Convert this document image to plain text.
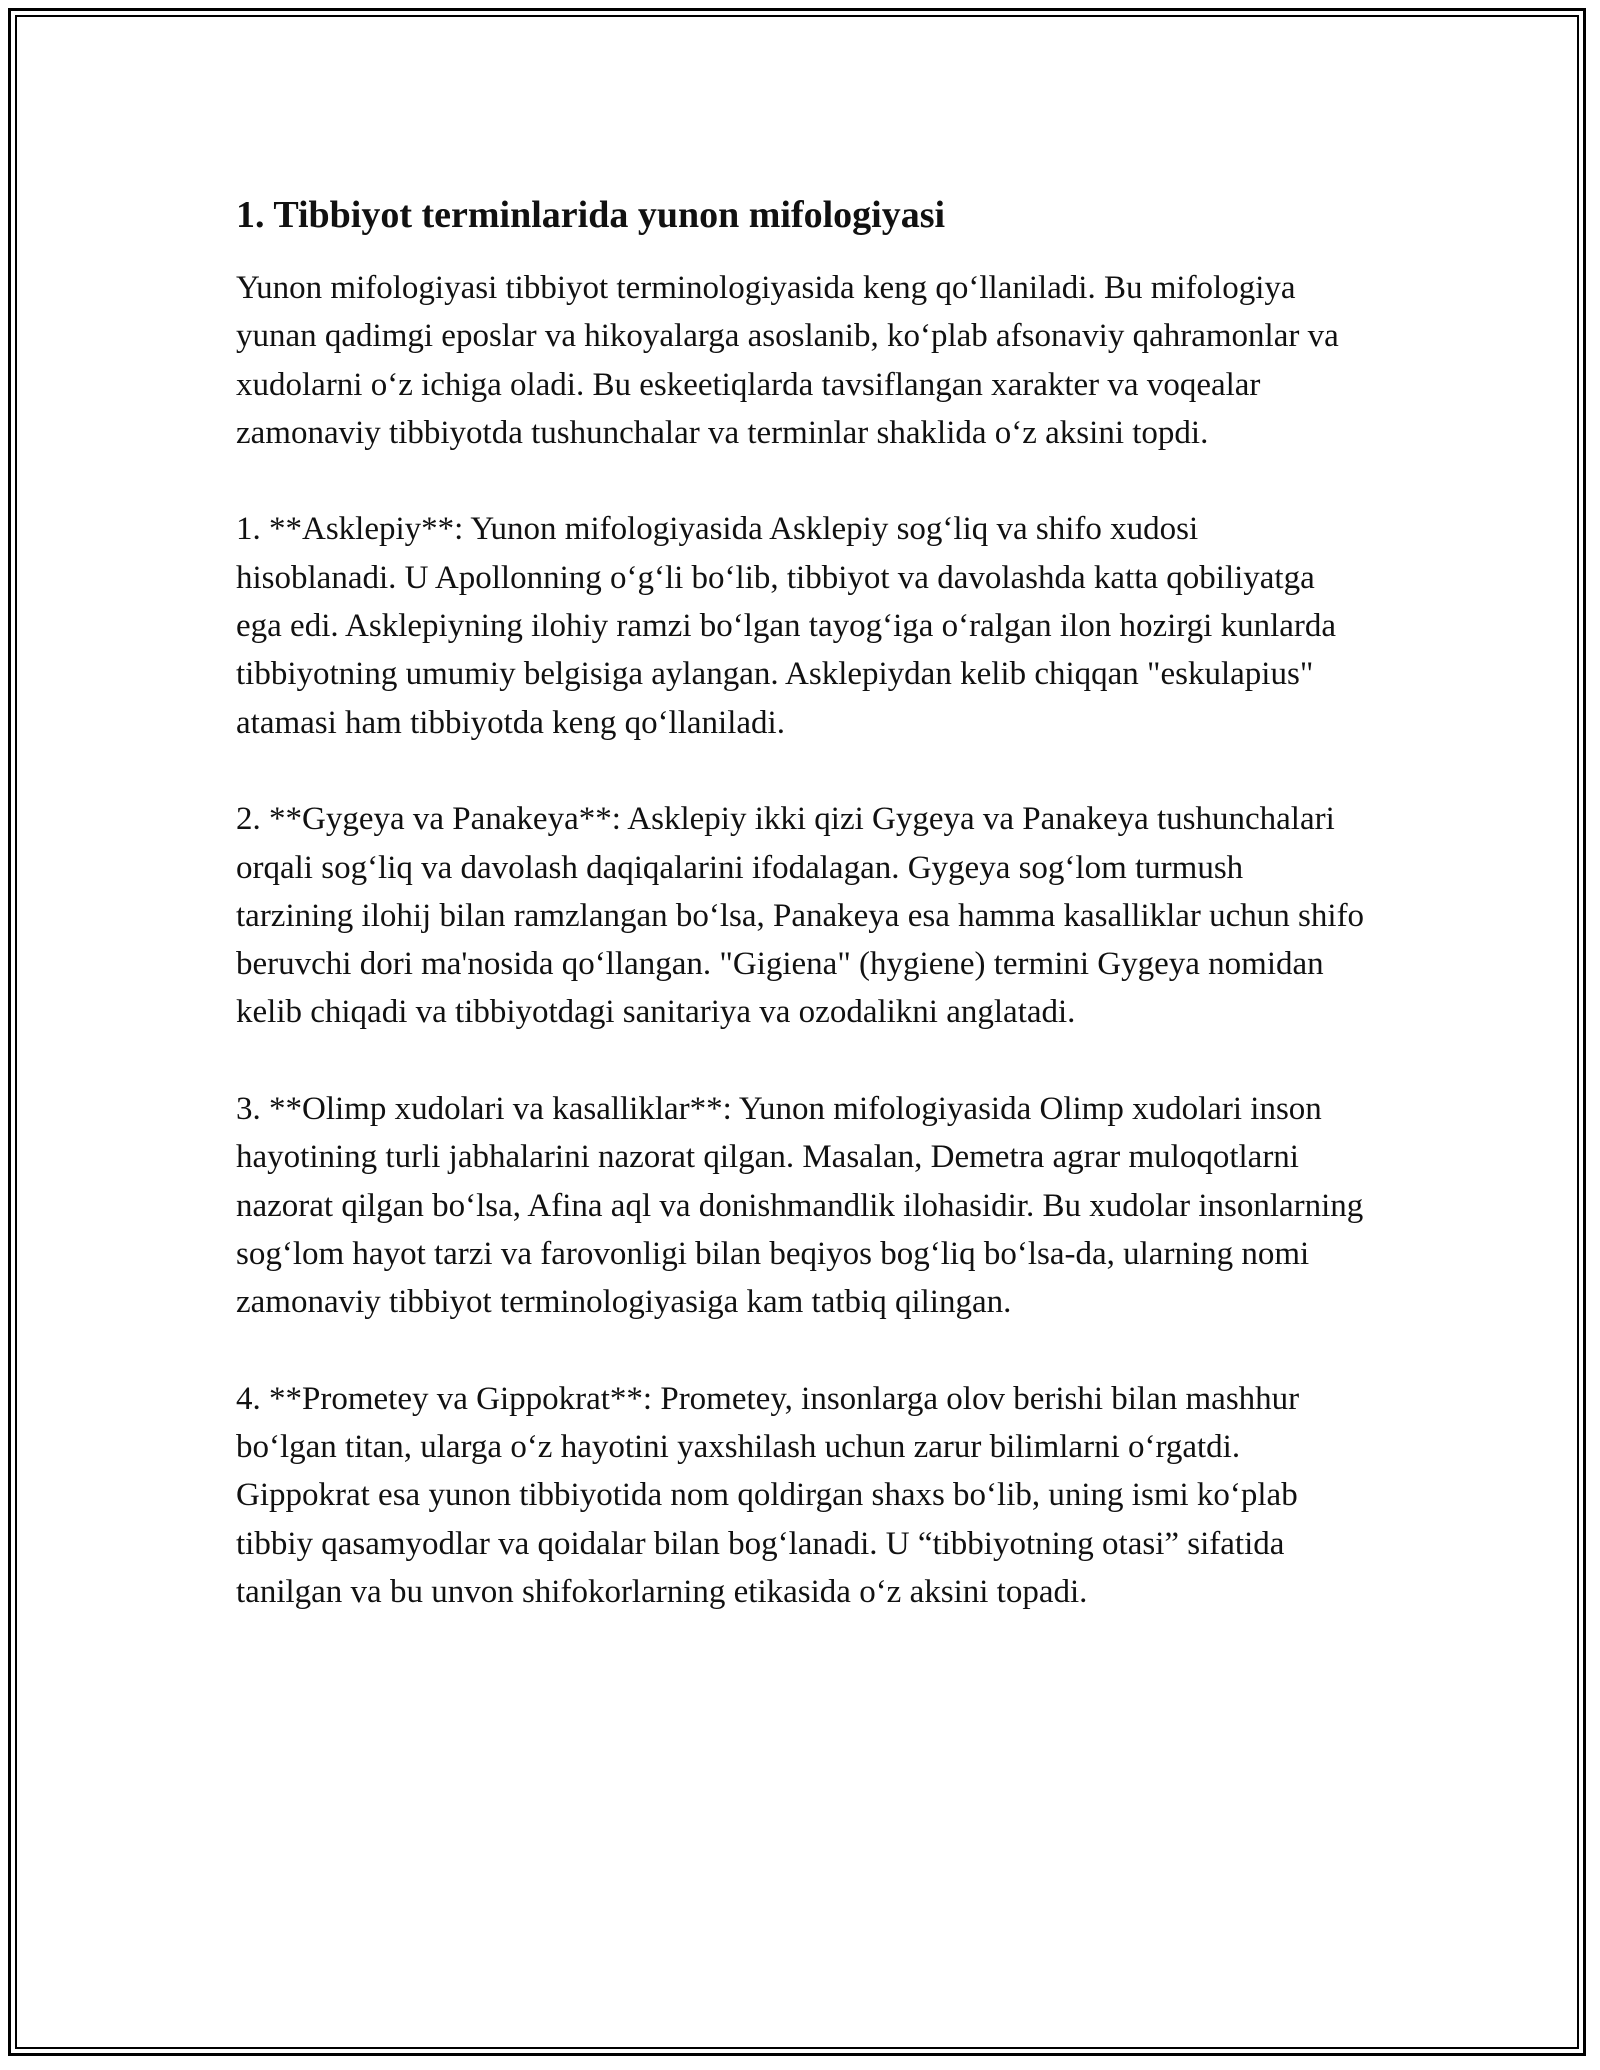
1. Tibbiyot terminlarida yunon mifologiyasi

Yunon mifologiyasi tibbiyot terminologiyasida keng qo‘llaniladi. Bu mifologiya yunan qadimgi eposlar va hikoyalarga asoslanib, ko‘plab afsonaviy qahramonlar va xudolarni o‘z ichiga oladi. Bu eskeetiqlarda tavsiflangan xarakter va voqealar zamonaviy tibbiyotda tushunchalar va terminlar shaklida o‘z aksini topdi.

1. **Asklepiy**: Yunon mifologiyasida Asklepiy sog‘liq va shifo xudosi hisoblanadi. U Apollonning o‘g‘li bo‘lib, tibbiyot va davolashda katta qobiliyatga ega edi. Asklepiyning ilohiy ramzi bo‘lgan tayog‘iga o‘ralgan ilon hozirgi kunlarda tibbiyotning umumiy belgisiga aylangan. Asklepiydan kelib chiqqan "eskulapius" atamasi ham tibbiyotda keng qo‘llaniladi.

2. **Gygeya va Panakeya**: Asklepiy ikki qizi Gygeya va Panakeya tushunchalari orqali sog‘liq va davolash daqiqalarini ifodalagan. Gygeya sog‘lom turmush tarzining ilohij bilan ramzlangan bo‘lsa, Panakeya esa hamma kasalliklar uchun shifo beruvchi dori ma'nosida qo‘llangan. "Gigiena" (hygiene) termini Gygeya nomidan kelib chiqadi va tibbiyotdagi sanitariya va ozodalikni anglatadi.

3. **Olimp xudolari va kasalliklar**: Yunon mifologiyasida Olimp xudolari inson hayotining turli jabhalarini nazorat qilgan. Masalan, Demetra agrar muloqotlarni nazorat qilgan bo‘lsa, Afina aql va donishmandlik ilohasidir. Bu xudolar insonlarning sog‘lom hayot tarzi va farovonligi bilan beqiyos bog‘liq bo‘lsa-da, ularning nomi zamonaviy tibbiyot terminologiyasiga kam tatbiq qilingan.

4. **Prometey va Gippokrat**: Prometey, insonlarga olov berishi bilan mashhur bo‘lgan titan, ularga o‘z hayotini yaxshilash uchun zarur bilimlarni o‘rgatdi. Gippokrat esa yunon tibbiyotida nom qoldirgan shaxs bo‘lib, uning ismi ko‘plab tibbiy qasamyodlar va qoidalar bilan bog‘lanadi. U “tibbiyotning otasi” sifatida tanilgan va bu unvon shifokorlarning etikasida o‘z aksini topadi.
